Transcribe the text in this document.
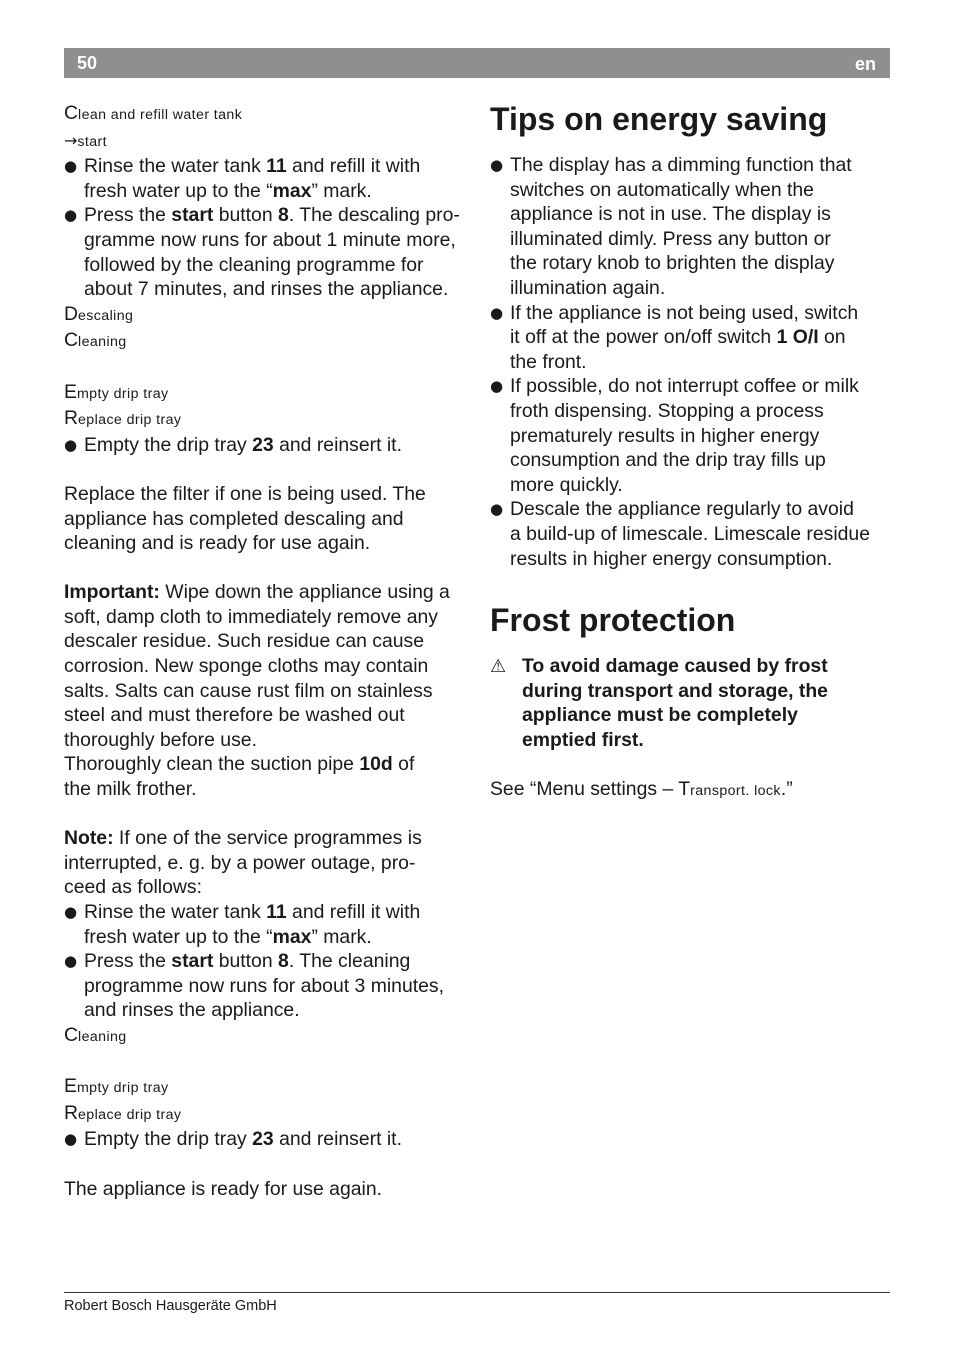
50	en
Clean and refill water tank
→start
● Rinse the water tank 11 and refill it with
fresh water up to the “max” mark.
● Press the start button 8. The descaling pro-
gramme now runs for about 1 minute more,
followed by the cleaning programme for
about 7 minutes, and rinses the appliance.
Descaling
Cleaning
Empty drip tray
Replace drip tray
● Empty the drip tray 23 and reinsert it.
Replace the filter if one is being used. The
appliance has completed descaling and
cleaning and is ready for use again.
Important: Wipe down the appliance using a
soft, damp cloth to immediately remove any
descaler residue. Such residue can cause
corrosion. New sponge cloths may contain
salts. Salts can cause rust film on stainless
steel and must therefore be washed out
thoroughly before use.
Thoroughly clean the suction pipe 10d of
the milk frother.
Note: If one of the service programmes is
interrupted, e. g. by a power outage, pro-
ceed as follows:
● Rinse the water tank 11 and refill it with
fresh water up to the “max” mark.
● Press the start button 8. The cleaning
programme now runs for about 3 minutes,
and rinses the appliance.
Cleaning
Empty drip tray
Replace drip tray
● Empty the drip tray 23 and reinsert it.
The appliance is ready for use again.
Tips on energy saving
● The display has a dimming function that
switches on automatically when the
appliance is not in use. The display is
illuminated dimly. Press any button or
the rotary knob to brighten the display
illumination again.
● If the appliance is not being used, switch
it off at the power on/off switch 1 O/I on
the front.
● If possible, do not interrupt coffee or milk
froth dispensing. Stopping a process
prematurely results in higher energy
consumption and the drip tray fills up
more quickly.
● Descale the appliance regularly to avoid
a build-up of limescale. Limescale residue
results in higher energy consumption.
Frost protection
⚠ To avoid damage caused by frost
during transport and storage, the
appliance must be completely
emptied first.
See “Menu settings – Transport. lock.”
Robert Bosch Hausgeräte GmbH
